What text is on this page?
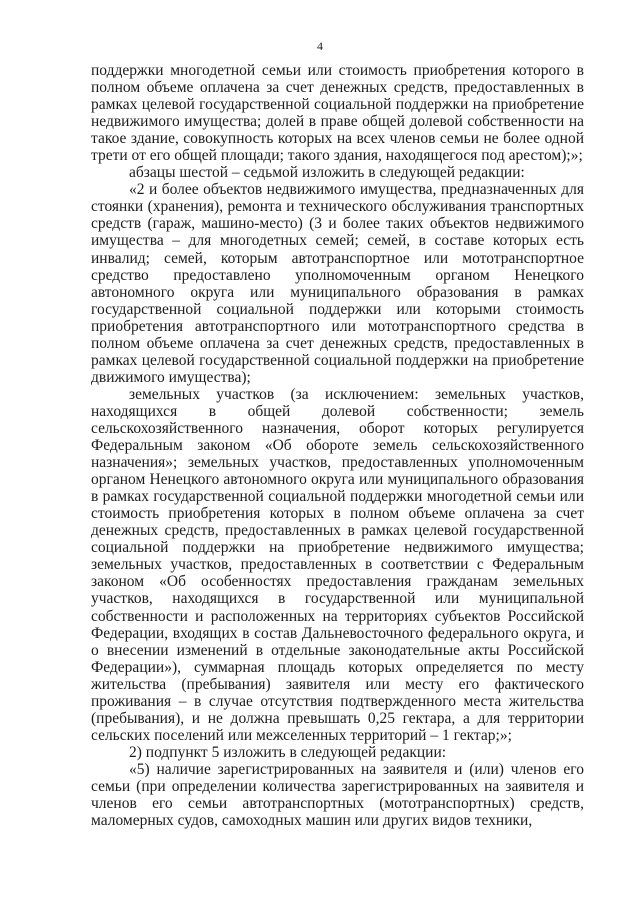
4

поддержки многодетной семьи или стоимость приобретения которого в полном объеме оплачена за счет денежных средств, предоставленных в рамках целевой государственной социальной поддержки на приобретение недвижимого имущества; долей в праве общей долевой собственности на такое здание, совокупность которых на всех членов семьи не более одной трети от его общей площади; такого здания, находящегося под арестом);»;

абзацы шестой – седьмой изложить в следующей редакции:

«2 и более объектов недвижимого имущества, предназначенных для стоянки (хранения), ремонта и технического обслуживания транспортных средств (гараж, машино-место) (3 и более таких объектов недвижимого имущества – для многодетных семей; семей, в составе которых есть инвалид; семей, которым автотранспортное или мототранспортное средство предоставлено уполномоченным органом Ненецкого автономного округа или муниципального образования в рамках государственной социальной поддержки или которыми стоимость приобретения автотранспортного или мототранспортного средства в полном объеме оплачена за счет денежных средств, предоставленных в рамках целевой государственной социальной поддержки на приобретение движимого имущества);

земельных участков (за исключением: земельных участков, находящихся в общей долевой собственности; земель сельскохозяйственного назначения, оборот которых регулируется Федеральным законом «Об обороте земель сельскохозяйственного назначения»; земельных участков, предоставленных уполномоченным органом Ненецкого автономного округа или муниципального образования в рамках государственной социальной поддержки многодетной семьи или стоимость приобретения которых в полном объеме оплачена за счет денежных средств, предоставленных в рамках целевой государственной социальной поддержки на приобретение недвижимого имущества; земельных участков, предоставленных в соответствии с Федеральным законом «Об особенностях предоставления гражданам земельных участков, находящихся в государственной или муниципальной собственности и расположенных на территориях субъектов Российской Федерации, входящих в состав Дальневосточного федерального округа, и о внесении изменений в отдельные законодательные акты Российской Федерации»), суммарная площадь которых определяется по месту жительства (пребывания) заявителя или месту его фактического проживания – в случае отсутствия подтвержденного места жительства (пребывания), и не должна превышать 0,25 гектара, а для территории сельских поселений или межселенных территорий – 1 гектар;»;

2) подпункт 5 изложить в следующей редакции:

«5) наличие зарегистрированных на заявителя и (или) членов его семьи (при определении количества зарегистрированных на заявителя и членов его семьи автотранспортных (мототранспортных) средств, маломерных судов, самоходных машин или других видов техники,
